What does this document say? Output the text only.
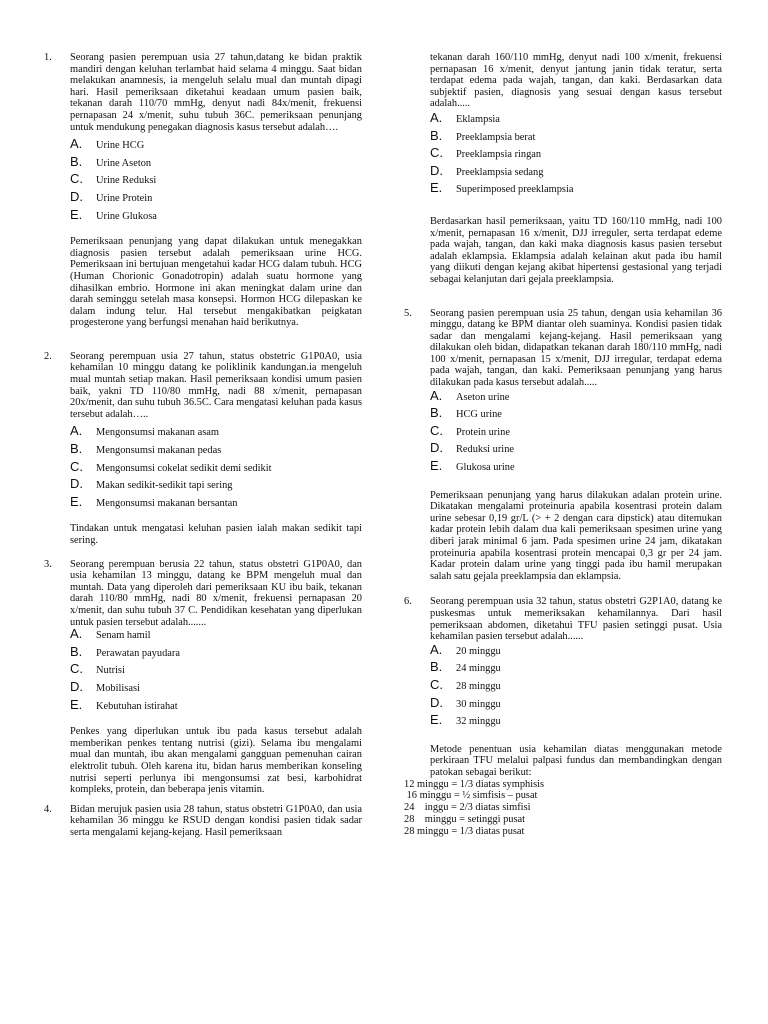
1. Seorang pasien perempuan usia 27 tahun,datang ke bidan praktik mandiri dengan keluhan terlambat haid selama 4 minggu. Saat bidan melakukan anamnesis, ia mengeluh selalu mual dan muntah dipagi hari. Hasil pemeriksaan diketahui keadaan umum pasien baik, tekanan darah 110/70 mmHg, denyut nadi 84x/menit, frekuensi pernapasan 24 x/menit, suhu tubuh 36C. pemeriksaan penunjang untuk mendukung penegakan diagnosis kasus tersebut adalah….

A.	Urine HCG
B.	Urine Aseton
C.	Urine Reduksi
D.	Urine Protein
E.	Urine Glukosa

Pemeriksaan penunjang yang dapat dilakukan untuk menegakkan diagnosis pasien tersebut adalah pemeriksaan urine HCG. Pemeriksaan ini bertujuan mengetahui kadar HCG dalam tubuh. HCG (Human Chorionic Gonadotropin) adalah suatu hormone yang dihasilkan embrio. Hormone ini akan meningkat dalam urine dan darah seminggu setelah masa konsepsi. Hormon HCG dilepaskan ke dalam indung telur. Hal tersebut mengakibatkan peigkatan progesterone yang berfungsi menahan haid berikutnya.

2. Seorang perempuan usia 27 tahun, status obstetric G1P0A0, usia kehamilan 10 minggu datang ke poliklinik kandungan.ia mengeluh mual muntah setiap makan. Hasil pemeriksaan kondisi umum pasien baik, yakni TD 110/80 mmHg, nadi 88 x/menit, pernapasan 20x/menit, dan suhu tubuh 36.5C. Cara mengatasi keluhan pada kasus tersebut adalah…..

A.	Mengonsumsi makanan asam
B.	Mengonsumsi makanan pedas
C.	Mengonsumsi cokelat sedikit demi sedikit
D.	Makan sedikit-sedikit tapi sering
E.	Mengonsumsi makanan bersantan

Tindakan untuk mengatasi keluhan pasien ialah makan sedikit tapi sering.

3. Seorang perempuan berusia 22 tahun, status obstetri G1P0A0, dan usia kehamilan 13 minggu, datang ke BPM mengeluh mual dan muntah. Data yang diperoleh dari pemeriksaan KU ibu baik, tekanan darah 110/80 mmHg, nadi 80 x/menit, frekuensi pernapasan 20 x/menit, dan suhu tubuh 37 C. Pendidikan kesehatan yang diperlukan untuk pasien tersebut adalah.......

A.	Senam hamil
B.	Perawatan payudara
C.	Nutrisi
D.	Mobilisasi
E.	Kebutuhan istirahat

Penkes yang diperlukan untuk ibu pada kasus tersebut adalah memberikan penkes tentang nutrisi (gizi). Selama ibu mengalami mual dan muntah, ibu akan mengalami gangguan pemenuhan cairan elektrolit tubuh. Oleh karena itu, bidan harus memberikan konseling nutrisi seperti perlunya ibi mengonsumsi zat besi, karbohidrat kompleks, protein, dan beberapa jenis vitamin.

4. Bidan merujuk pasien usia 28 tahun, status obstetri G1P0A0, dan usia kehamilan 36 minggu ke RSUD dengan kondisi pasien tidak sadar serta mengalami kejang-kejang. Hasil pemeriksaan

tekanan darah 160/110 mmHg, denyut nadi 100 x/menit, frekuensi pernapasan 16 x/menit, denyut jantung janin tidak teratur, serta terdapat edema pada wajah, tangan, dan kaki. Berdasarkan data subjektif pasien, diagnosis yang sesuai dengan kasus tersebut adalah.....

A.	Eklampsia
B.	Preeklampsia berat
C.	Preeklampsia ringan
D.	Preeklampsia sedang
E.	Superimposed preeklampsia

Berdasarkan hasil pemeriksaan, yaitu TD 160/110 mmHg, nadi 100 x/menit, pernapasan 16 x/menit, DJJ irreguler, serta terdapat edeme pada wajah, tangan, dan kaki maka diagnosis kasus pasien tersebut adalah eklampsia. Eklampsia adalah kelainan akut pada ibu hamil yang diikuti dengan kejang akibat hipertensi gestasional yang terjadi sebagai kelanjutan dari gejala preeklampsia.

5. Seorang pasien perempuan usia 25 tahun, dengan usia kehamilan 36 minggu, datang ke BPM diantar oleh suaminya. Kondisi pasien tidak sadar dan mengalami kejang-kejang. Hasil pemeriksaan yang dilakukan oleh bidan, didapatkan tekanan darah 180/110 mmHg, nadi 100 x/menit, pernapasan 15 x/menit, DJJ irregular, terdapat edema pada wajah, tangan, dan kaki. Pemeriksaan penunjang yang harus dilakukan pada kasus tersebut adalah.....

A.	Aseton urine
B.	HCG urine
C.	Protein urine
D.	Reduksi urine
E.	Glukosa urine

Pemeriksaan penunjang yang harus dilakukan adalan protein urine. Dikatakan mengalami proteinuria apabila kosentrasi protein dalam urine sebesar 0,19 gr/L (> + 2 dengan cara dipstick) atau ditemukan kadar protein lebih dalam dua kali pemeriksaan spesimen urine yang diberi jarak minimal 6 jam. Pada spesimen urine 24 jam, dikatakan proteinuria apabila kosentrasi protein mencapai 0,3 gr per 24 jam. Kadar protein dalam urine yang tinggi pada ibu hamil merupakan salah satu gejala preeklampsia dan eklampsia.

6. Seorang perempuan usia 32 tahun, status obstetri G2P1A0, datang ke puskesmas untuk memeriksakan kehamilannya. Dari hasil pemeriksaan abdomen, diketahui TFU pasien setinggi pusat. Usia kehamilan pasien tersebut adalah......

A.	20 minggu
B.	24 minggu
C.	28 minggu
D.	30 minggu
E.	32 minggu

Metode penentuan usia kehamilan diatas menggunakan metode perkiraan TFU melalui palpasi fundus dan membandingkan dengan patokan sebagai berikut:

12 minggu = 1/3 diatas symphisis
16 minggu = ½ simfisis – pusat
24    inggu = 2/3 diatas simfisi
28    minggu = setinggi pusat
28 minggu = 1/3 diatas pusat
